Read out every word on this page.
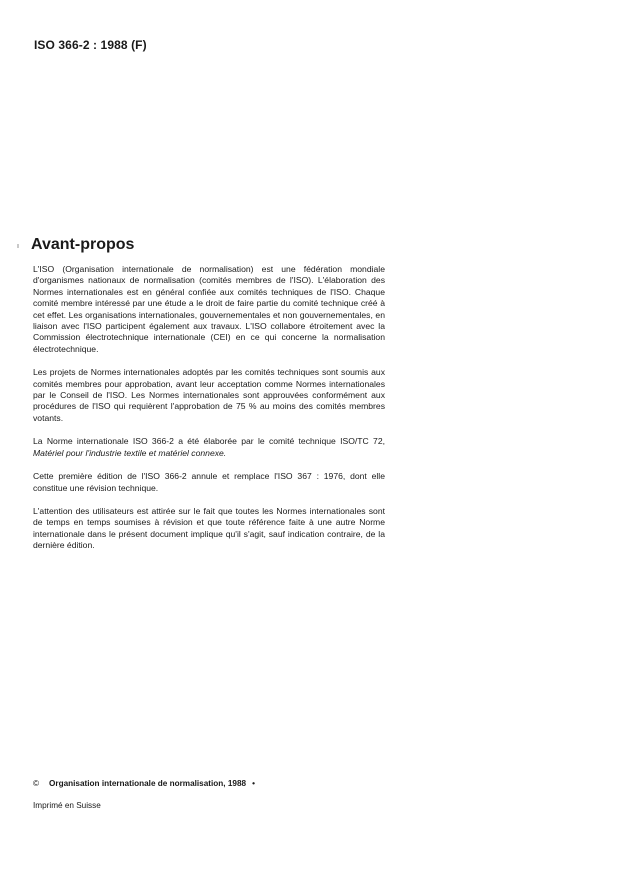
ISO 366-2 : 1988 (F)
Avant-propos

L'ISO (Organisation internationale de normalisation) est une fédération mondiale d'organismes nationaux de normalisation (comités membres de l'ISO). L'élaboration des Normes internationales est en général confiée aux comités techniques de l'ISO. Chaque comité membre intéressé par une étude a le droit de faire partie du comité technique créé à cet effet. Les organisations internationales, gouvernementales et non gouvernementales, en liaison avec l'ISO participent également aux travaux. L'ISO collabore étroitement avec la Commission électrotechnique internationale (CEI) en ce qui concerne la normalisation électrotechnique.

Les projets de Normes internationales adoptés par les comités techniques sont soumis aux comités membres pour approbation, avant leur acceptation comme Normes internationales par le Conseil de l'ISO. Les Normes internationales sont approuvées conformément aux procédures de l'ISO qui requièrent l'approbation de 75 % au moins des comités membres votants.

La Norme internationale ISO 366-2 a été élaborée par le comité technique ISO/TC 72, Matériel pour l'industrie textile et matériel connexe.

Cette première édition de l'ISO 366-2 annule et remplace l'ISO 367 : 1976, dont elle constitue une révision technique.

L'attention des utilisateurs est attirée sur le fait que toutes les Normes internationales sont de temps en temps soumises à révision et que toute référence faite à une autre Norme internationale dans le présent document implique qu'il s'agit, sauf indication contraire, de la dernière édition.

© Organisation internationale de normalisation, 1988 •
Imprimé en Suisse
